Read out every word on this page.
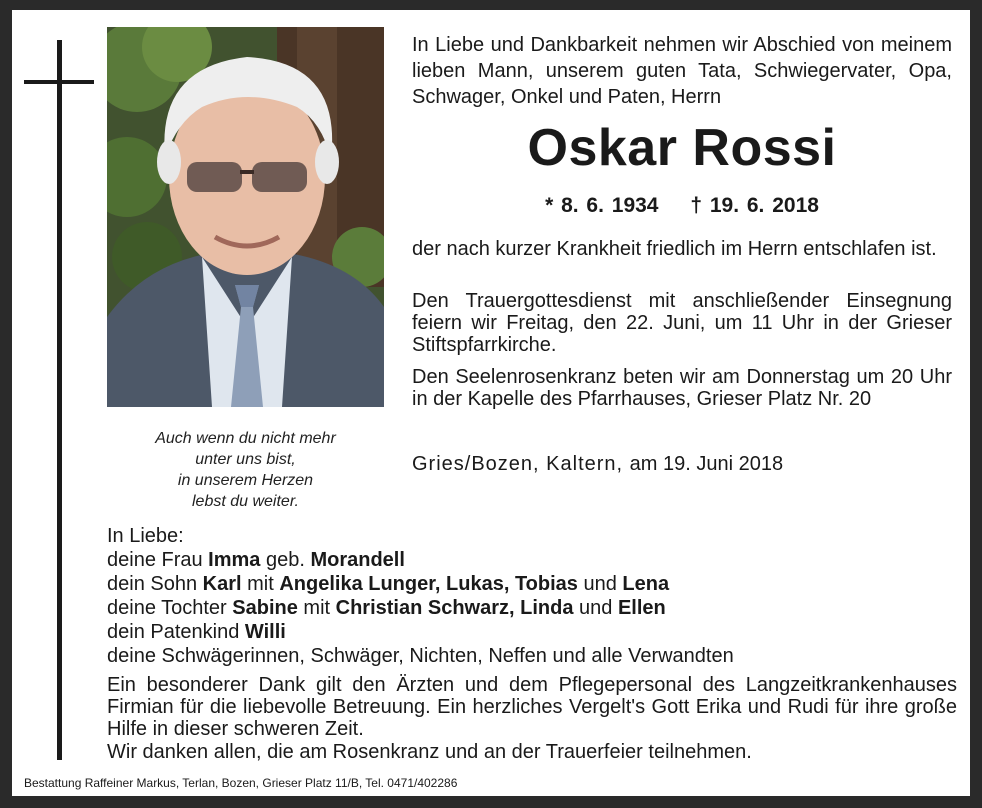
Auch wenn du nicht mehr
unter uns bist,
in unserem Herzen
lebst du weiter.
In Liebe und Dankbarkeit nehmen wir Abschied von meinem lieben Mann, unserem guten Tata, Schwiegervater, Opa, Schwager, Onkel und Paten, Herrn
Oskar Rossi
* 8. 6. 1934 † 19. 6. 2018
der nach kurzer Krankheit friedlich im Herrn entschlafen ist.
Den Trauergottesdienst mit anschließender Einsegnung feiern wir Freitag, den 22. Juni, um 11 Uhr in der Grieser Stiftspfarrkirche.
Den Seelenrosenkranz beten wir am Donnerstag um 20 Uhr in der Kapelle des Pfarrhauses, Grieser Platz Nr. 20
Gries/Bozen, Kaltern, am 19. Juni 2018
In Liebe:
deine Frau Imma geb. Morandell
dein Sohn Karl mit Angelika Lunger, Lukas, Tobias und Lena
deine Tochter Sabine mit Christian Schwarz, Linda und Ellen
dein Patenkind Willi
deine Schwägerinnen, Schwäger, Nichten, Neffen und alle Verwandten
Ein besonderer Dank gilt den Ärzten und dem Pflegepersonal des Langzeitkrankenhauses Firmian für die liebevolle Betreuung. Ein herzliches Vergelt's Gott Erika und Rudi für ihre große Hilfe in dieser schweren Zeit.
Wir danken allen, die am Rosenkranz und an der Trauerfeier teilnehmen.
Bestattung Raffeiner Markus, Terlan, Bozen, Grieser Platz 11/B, Tel. 0471/402286
